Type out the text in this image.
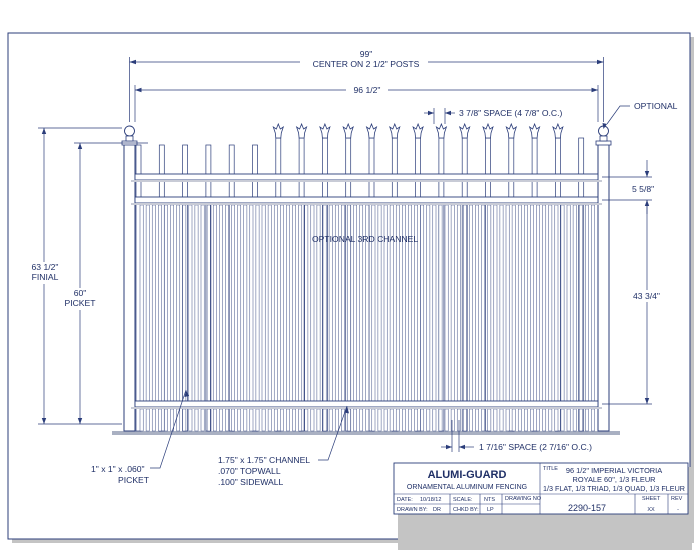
99"
CENTER ON 2 1/2" POSTS
96 1/2"
3 7/8" SPACE (4 7/8" O.C.)
OPTIONAL
5 5/8"
43 3/4"
63 1/2"
FINIAL
60"
PICKET
1 7/16" SPACE (2 7/16" O.C.)
OPTIONAL 3RD CHANNEL
1" x 1" x .060"
PICKET
1.75" x 1.75" CHANNEL
.070" TOPWALL
.100" SIDEWALL
ALUMI-GUARD
ORNAMENTAL ALUMINUM FENCING
TITLE 96 1/2" IMPERIAL VICTORIA
ROYALE 60", 1/3 FLEUR
1/3 FLAT, 1/3 TRIAD, 1/3 QUAD, 1/3 FLEUR
DATE: 10/18/12 SCALE: NTS
DRAWN BY: DR CHKD BY: LP
DRAWING NO
2290-157
SHEET
XX
REV
-
